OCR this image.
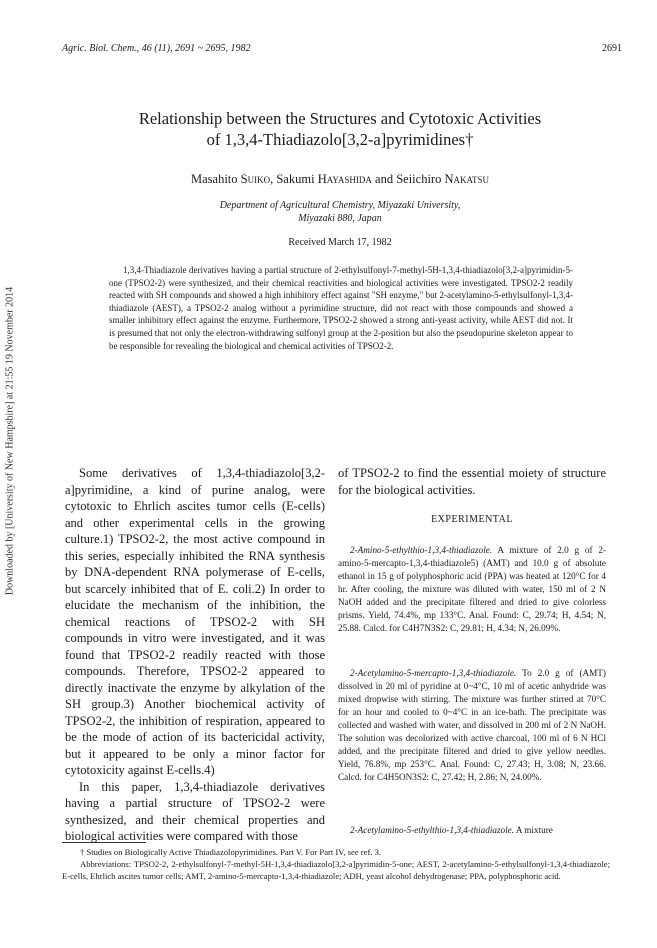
Agric. Biol. Chem., 46 (11), 2691 ~ 2695, 1982	2691
Relationship between the Structures and Cytotoxic Activities
of 1,3,4-Thiadiazolo[3,2-a]pyrimidines†
Masahito Suiko, Sakumi Hayashida and Seiichiro Nakatsu
Department of Agricultural Chemistry, Miyazaki University,
Miyazaki 880, Japan
Received March 17, 1982
1,3,4-Thiadiazole derivatives having a partial structure of 2-ethylsulfonyl-7-methyl-5H-1,3,4-thiadiazolo[3,2-a]pyrimidin-5-one (TPSO2-2) were synthesized, and their chemical reactivities and biological activities were investigated. TPSO2-2 readily reacted with SH compounds and showed a high inhibitory effect against "SH enzyme," but 2-acetylamino-5-ethylsulfonyl-1,3,4-thiadiazole (AEST), a TPSO2-2 analog without a pyrimidine structure, did not react with those compounds and showed a smaller inhibitory effect against the enzyme. Furthermore, TPSO2-2 showed a strong anti-yeast activity, while AEST did not. It is presumed that not only the electron-withdrawing sulfonyl group at the 2-position but also the pseudopurine skeleton appear to be responsible for revealing the biological and chemical activities of TPSO2-2.

Some derivatives of 1,3,4-thiadiazolo[3,2-a]pyrimidine, a kind of purine analog, were cytotoxic to Ehrlich ascites tumor cells (E-cells) and other experimental cells in the growing culture.1) TPSO2-2, the most active compound in this series, especially inhibited the RNA synthesis by DNA-dependent RNA polymerase of E-cells, but scarcely inhibited that of E. coli.2) In order to elucidate the mechanism of the inhibition, the chemical reactions of TPSO2-2 with SH compounds in vitro were investigated, and it was found that TPSO2-2 readily reacted with those compounds. Therefore, TPSO2-2 appeared to directly inactivate the enzyme by alkylation of the SH group.3) Another biochemical activity of TPSO2-2, the inhibition of respiration, appeared to be the mode of action of its bactericidal activity, but it appeared to be only a minor factor for cytotoxicity against E-cells.4)

In this paper, 1,3,4-thiadiazole derivatives having a partial structure of TPSO2-2 were synthesized, and their chemical properties and biological activities were compared with those

of TPSO2-2 to find the essential moiety of structure for the biological activities.

EXPERIMENTAL
2-Amino-5-ethylthio-1,3,4-thiadiazole. A mixture of 2.0 g of 2-amino-5-mercapto-1,3,4-thiadiazole5) (AMT) and 10.0 g of absolute ethanol in 15 g of polyphosphoric acid (PPA) was heated at 120°C for 4 hr. After cooling, the mixture was diluted with water, 150 ml of 2 N NaOH added and the precipitate filtered and dried to give colorless prisms. Yield, 74.4%, mp 133°C. Anal. Found: C, 29.74; H, 4.54; N, 25.88. Calcd. for C4H7N3S2: C, 29.81; H, 4.34; N, 26.09%.
2-Acetylamino-5-mercapto-1,3,4-thiadiazole. To 2.0 g of (AMT) dissolved in 20 ml of pyridine at 0~4°C, 10 ml of acetic anhydride was mixed dropwise with stirring. The mixture was further stirred at 70°C for an hour and cooled to 0~4°C in an ice-bath. The precipitate was collected and washed with water, and dissolved in 200 ml of 2 N NaOH. The solution was decolorized with active charcoal, 100 ml of 6 N HCl added, and the precipitate filtered and dried to give yellow needles. Yield, 76.8%, mp 253°C. Anal. Found: C, 27.43; H, 3.08; N, 23.66. Calcd. for C4H5ON3S2: C, 27.42; H, 2.86; N, 24.00%.
2-Acetylamino-5-ethylthio-1,3,4-thiadiazole. A mixture

† Studies on Biologically Active Thiadiazolopyrimidines. Part V. For Part IV, see ref. 3.

Abbreviations: TPSO2-2, 2-ethylsulfonyl-7-methyl-5H-1,3,4-thiadiazolo[3,2-a]pyrimidin-5-one; AEST, 2-acetylamino-5-ethylsulfonyl-1,3,4-thiadiazole; E-cells, Ehrlich ascites tumor cells; AMT, 2-amino-5-mercapto-1,3,4-thiadiazole; ADH, yeast alcohol dehydrogenase; PPA, polyphosphoric acid.

Downloaded by [University of New Hampshire] at 21:55 19 November 2014
